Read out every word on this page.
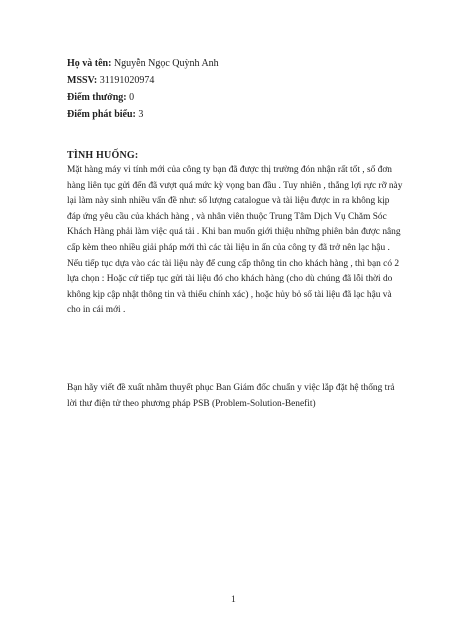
Họ và tên: Nguyễn Ngọc Quỳnh Anh
MSSV: 31191020974
Điểm thưởng: 0
Điểm phát biểu: 3
TÌNH HUỐNG:

Mặt hàng máy vi tính mới của công ty bạn đã được thị trường đón nhận rất tốt , số đơn
hàng liên tục gửi đến đã vượt quá mức kỳ vọng ban đầu . Tuy nhiên , thắng lợi rực rỡ này
lại làm này sinh nhiều vấn đề như: số lượng catalogue và tài liệu được in ra không kịp
đáp ứng yêu cầu của khách hàng , và nhân viên thuộc Trung Tâm Dịch Vụ Chăm Sóc
Khách Hàng phải làm việc quá tải . Khi ban muốn giới thiệu những phiên bản được nâng
cấp kèm theo nhiều giải pháp mới thì các tài liệu in ấn của công ty đã trở nên lạc hậu .
Nếu tiếp tục dựa vào các tài liệu này để cung cấp thông tin cho khách hàng , thì bạn có 2
lựa chọn : Hoặc cứ tiếp tục gửi tài liệu đó cho khách hàng (cho dù chúng đã lỗi thời do
không kịp cập nhật thông tin và thiếu chính xác) , hoặc hủy bỏ số tài liệu đã lạc hậu và
cho in cái mới .

Bạn hãy viết đề xuất nhằm thuyết phục Ban Giám đốc chuẩn y việc lắp đặt hệ thống trả
lời thư điện tử theo phương pháp PSB (Problem-Solution-Benefit)

1
